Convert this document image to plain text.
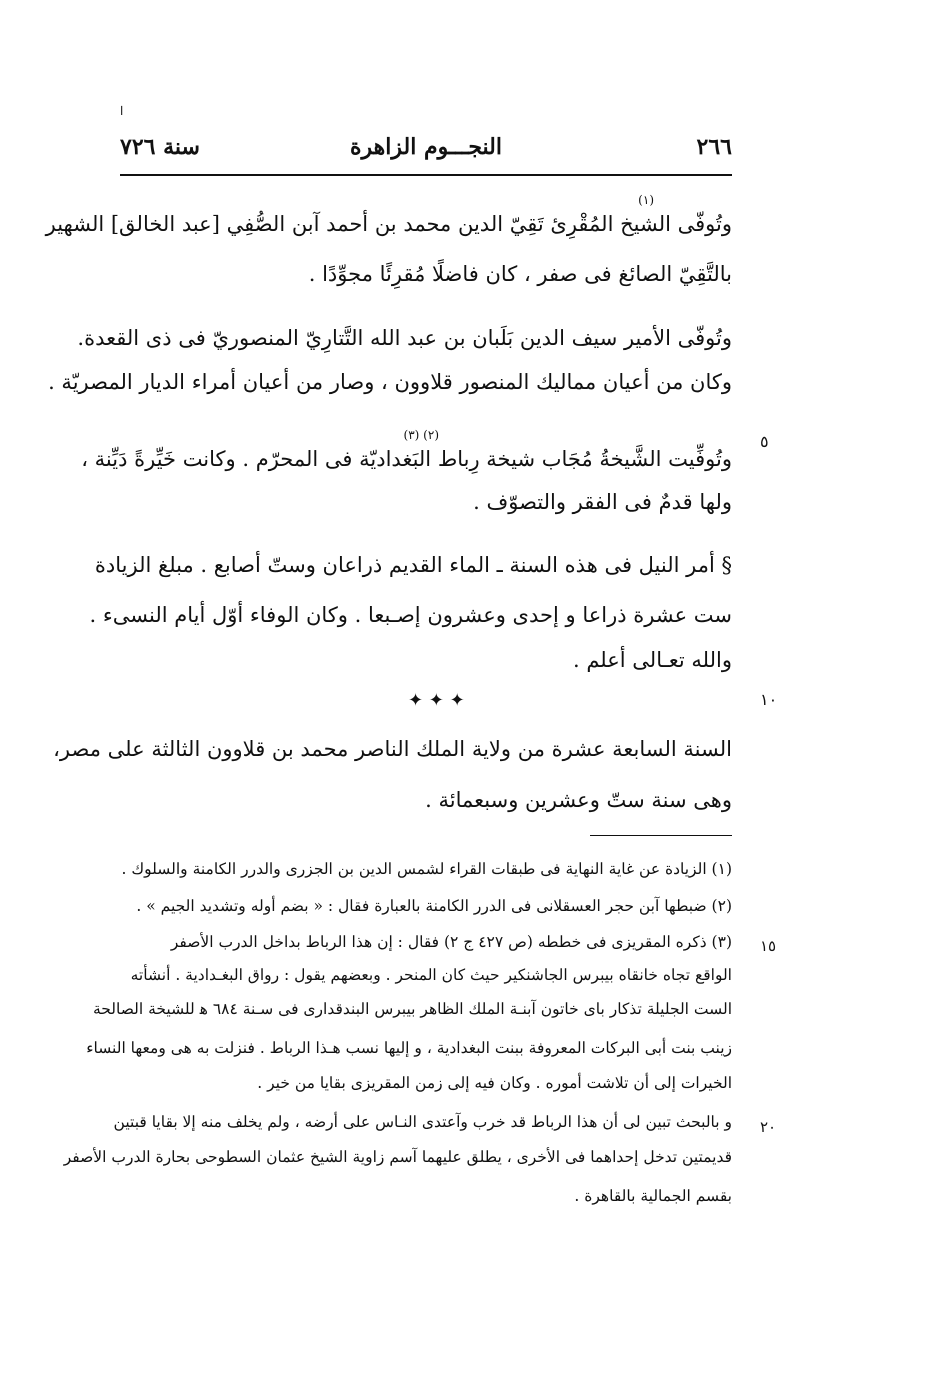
ا
٢٦٦
النجـــوم الزاهرة
سنة ٧٢٦
(١)
وتُوفّى الشيخ المُقْرِئ تَقِيّ الدين محمد بن أحمد آبن الصُّفِي [عبد الخالق] الشهير
بالتَّقِيّ الصائغ فى صفر ، كان فاضلًا مُقرِئًا مجوِّدًا .
وتُوفّى الأمير سيف الدين بَلَبان بن عبد الله التَّتارِيّ المنصوريّ فى ذى القعدة.
وكان من أعيان مماليك المنصور قلاوون ، وصار من أعيان أمراء الديار المصريّة .
(٢) (٣)
وتُوفِّيت الشَّيخةُ مُجَاب شيخة رِباط البَغداديّة فى المحرّم . وكانت خَيِّرةً دَيِّنة ،
٥
ولها قدمٌ فى الفقر والتصوّف .
§ أمر النيل فى هذه السنة ـ الماء القديم ذراعان وستّ أصابع . مبلغ الزيادة
ست عشرة ذراعا و إحدى وعشرون إصـبعا . وكان الوفاء أوّل أيام النسىء .
والله تعـالى أعلم .
✦ ✦ ✦	١٠
السنة السابعة عشرة من ولاية الملك الناصر محمد بن قلاوون الثالثة على مصر،
وهى سنة ستّ وعشرين وسبعمائة .
(١) الزيادة عن غاية النهاية فى طبقات القراء لشمس الدين بن الجزرى والدرر الكامنة والسلوك .
(٢) ضبطها آبن حجر العسقلانى فى الدرر الكامنة بالعبارة فقال : « بضم أوله وتشديد الجيم » .
(٣) ذكره المقريزى فى خططه (ص ٤٢٧ ج ٢) فقال : إن هذا الرباط بداخل الدرب الأصفر ١٥
الواقع تجاه خانقاه بيبرس الجاشنكير حيث كان المنحر . وبعضهم يقول : رواق البغـدادية . أنشأته
الست الجليلة تذكار باى خاتون آبنـة الملك الظاهر بيبرس البندقدارى فى سـنة ٦٨٤ ﻫ للشيخة الصالحة
زينب بنت أبى البركات المعروفة ببنت البغدادية ، و إليها نسب هـذا الرباط . فنزلت به هى ومعها النساء
الخيرات إلى أن تلاشت أموره . وكان فيه إلى زمن المقريزى بقايا من خير .
و بالبحث تبين لى أن هذا الرباط قد خرب وآعتدى النـاس على أرضه ، ولم يخلف منه إلا بقايا قبتين ٢٠
قديمتين تدخل إحداهما فى الأخرى ، يطلق عليهما آسم زاوية الشيخ عثمان السطوحى بحارة الدرب الأصفر
بقسم الجمالية بالقاهرة .
